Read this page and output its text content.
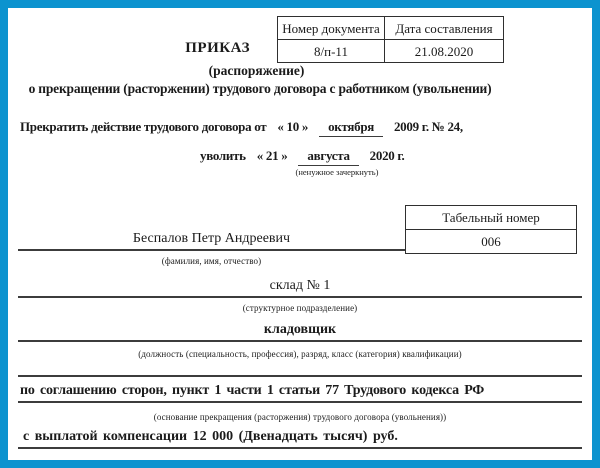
Номер документа	Дата составления
8/п-11	21.08.2020
ПРИКАЗ
(распоряжение)
о прекращении (расторжении) трудового договора с работником (увольнении)
Прекратить действие трудового договора от « 10 »	октября	2009 г. № 24,
уволить « 21 »	августа	2020 г.
(ненужное зачеркнуть)
Табельный номер
006
Беспалов Петр Андреевич
(фамилия, имя, отчество)
склад № 1
(структурное подразделение)
кладовщик
(должность (специальность, профессия), разряд, класс (категория) квалификации)
по соглашению сторон, пункт 1 части 1 статьи 77 Трудового кодекса РФ
(основание прекращения (расторжения) трудового договора (увольнения))
с выплатой компенсации 12 000 (Двенадцать тысяч) руб.
